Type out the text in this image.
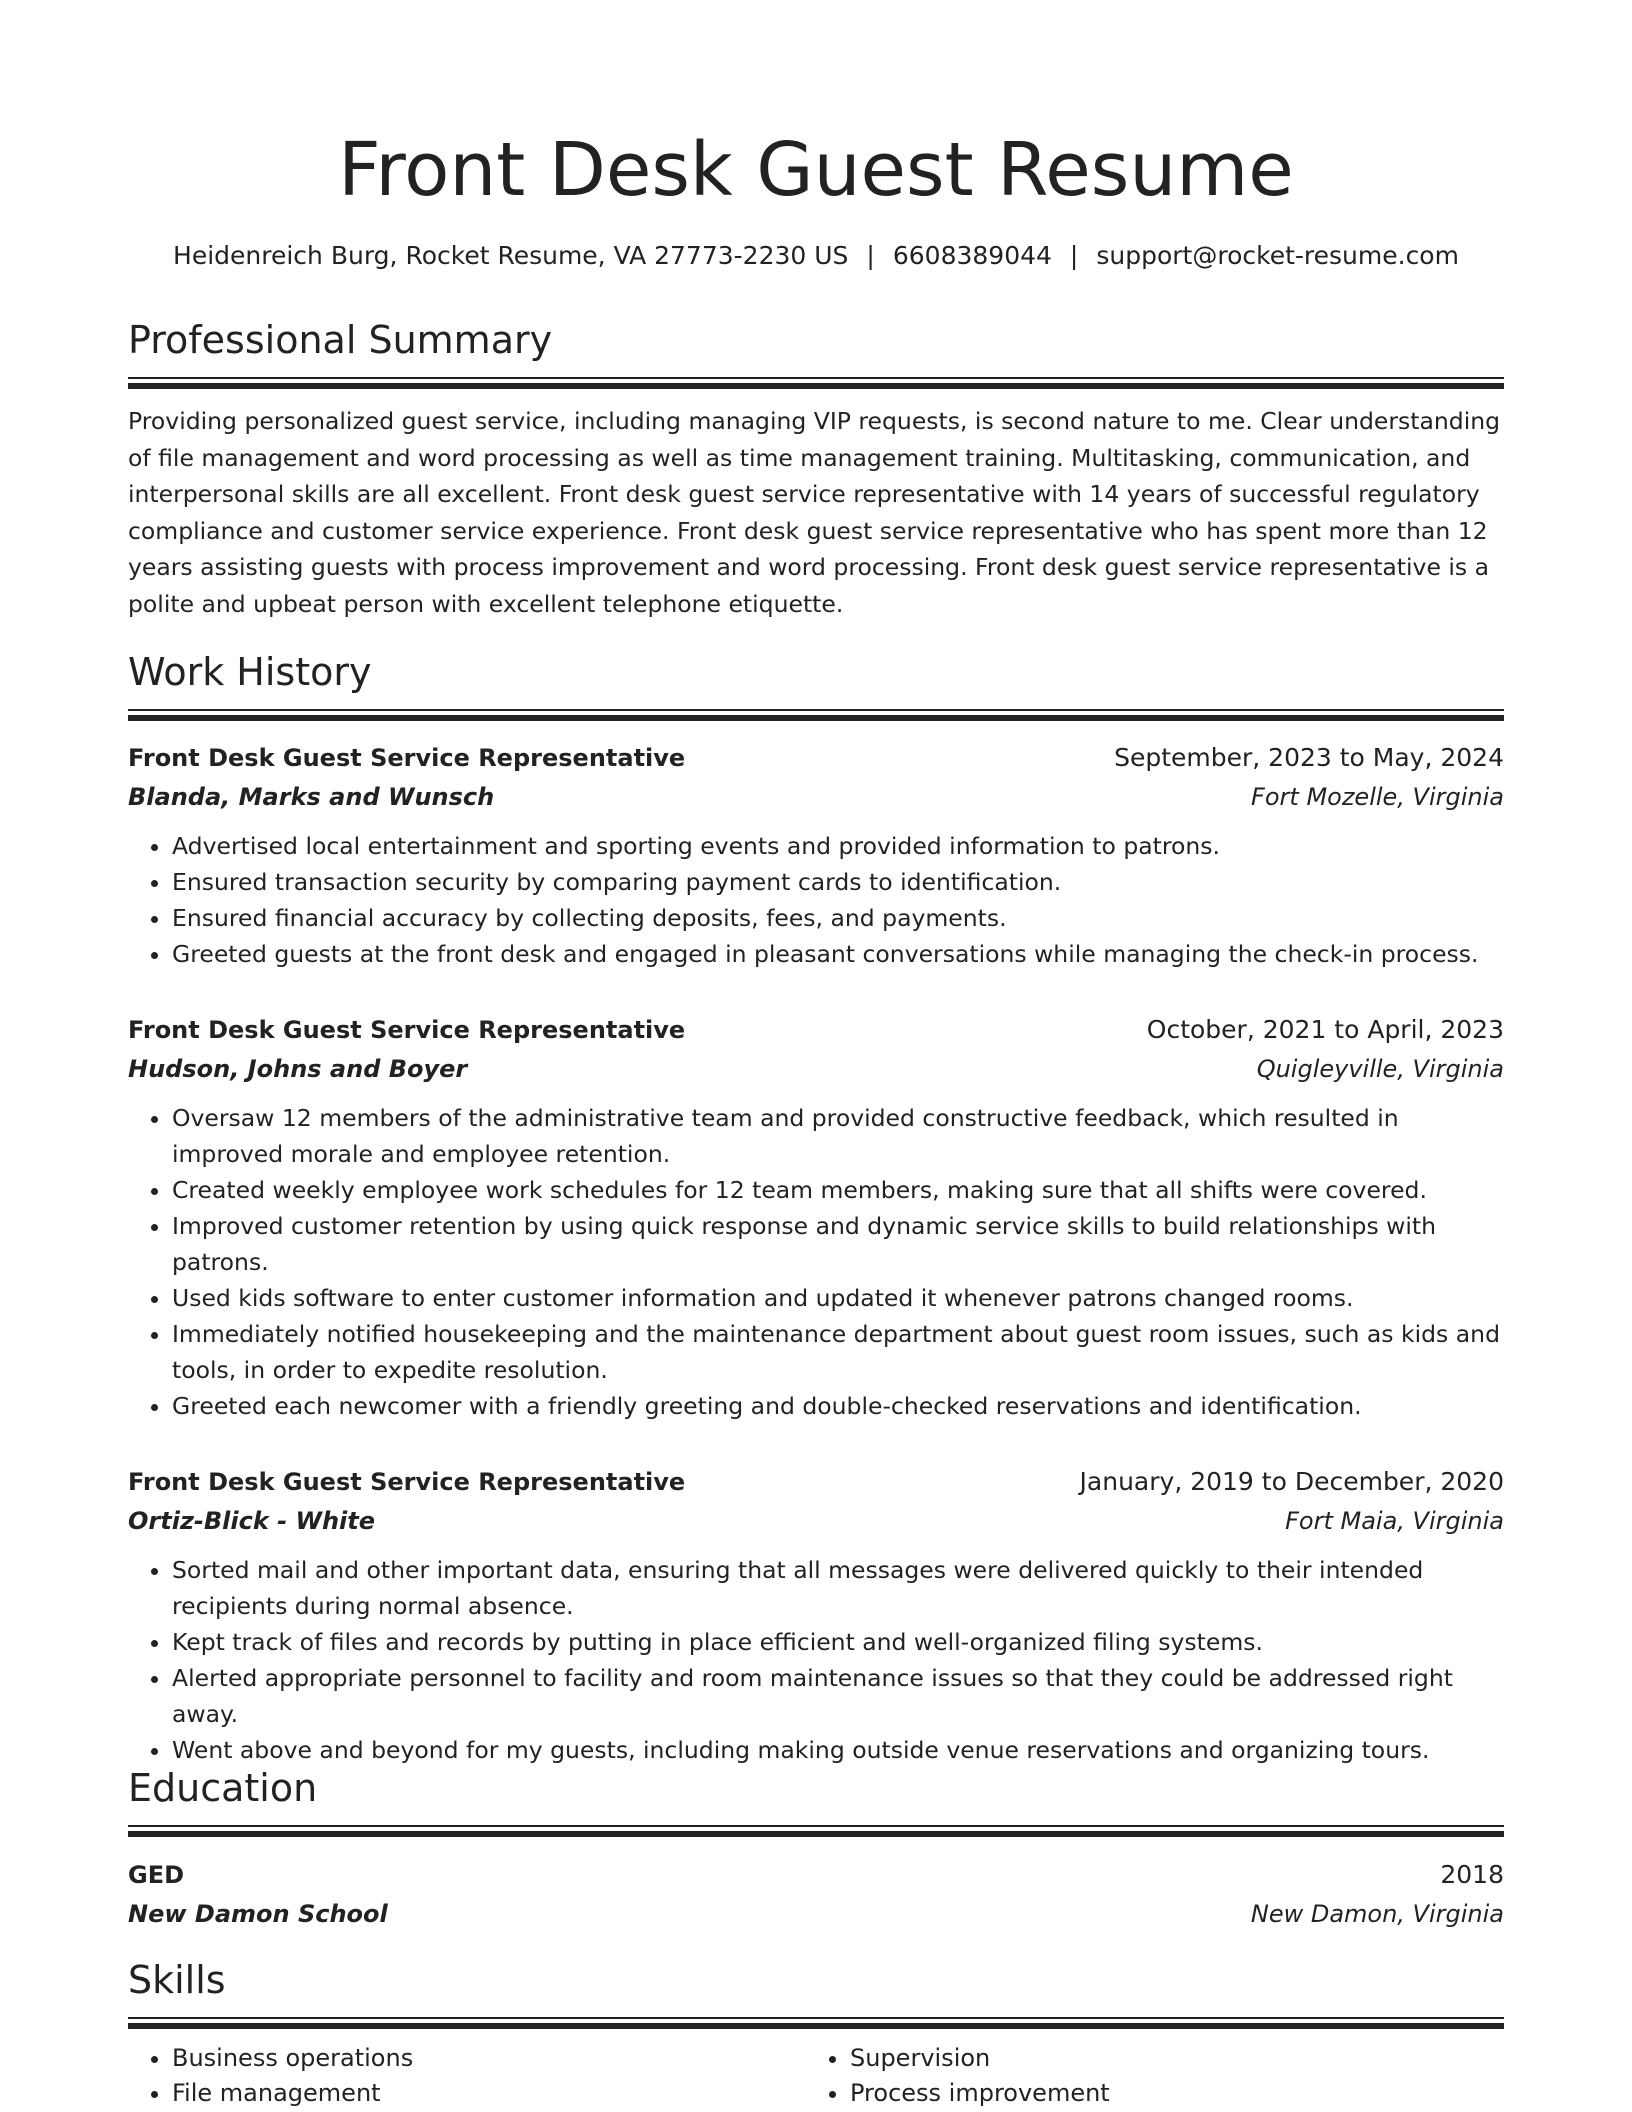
Front Desk Guest Resume
Heidenreich Burg, Rocket Resume, VA 27773-2230 US | 6608389044 | support@rocket-resume.com
Professional Summary

Providing personalized guest service, including managing VIP requests, is second nature to me. Clear understanding of file management and word processing as well as time management training. Multitasking, communication, and interpersonal skills are all excellent. Front desk guest service representative with 14 years of successful regulatory compliance and customer service experience. Front desk guest service representative who has spent more than 12 years assisting guests with process improvement and word processing. Front desk guest service representative is a polite and upbeat person with excellent telephone etiquette.

Work History
Front Desk Guest Service Representative	September, 2023 to May, 2024
Blanda, Marks and Wunsch	Fort Mozelle, Virginia
• Advertised local entertainment and sporting events and provided information to patrons.
• Ensured transaction security by comparing payment cards to identification.
• Ensured financial accuracy by collecting deposits, fees, and payments.
• Greeted guests at the front desk and engaged in pleasant conversations while managing the check-in process.
Front Desk Guest Service Representative	October, 2021 to April, 2023
Hudson, Johns and Boyer	Quigleyville, Virginia
• Oversaw 12 members of the administrative team and provided constructive feedback, which resulted in improved morale and employee retention.
• Created weekly employee work schedules for 12 team members, making sure that all shifts were covered.
• Improved customer retention by using quick response and dynamic service skills to build relationships with patrons.
• Used kids software to enter customer information and updated it whenever patrons changed rooms.
• Immediately notified housekeeping and the maintenance department about guest room issues, such as kids and tools, in order to expedite resolution.
• Greeted each newcomer with a friendly greeting and double-checked reservations and identification.
Front Desk Guest Service Representative	January, 2019 to December, 2020
Ortiz-Blick - White	Fort Maia, Virginia
• Sorted mail and other important data, ensuring that all messages were delivered quickly to their intended recipients during normal absence.
• Kept track of files and records by putting in place efficient and well-organized filing systems.
• Alerted appropriate personnel to facility and room maintenance issues so that they could be addressed right away.
• Went above and beyond for my guests, including making outside venue reservations and organizing tours.
Education
GED	2018
New Damon School	New Damon, Virginia
Skills
• Business operations
• File management
• Supervision
• Process improvement
